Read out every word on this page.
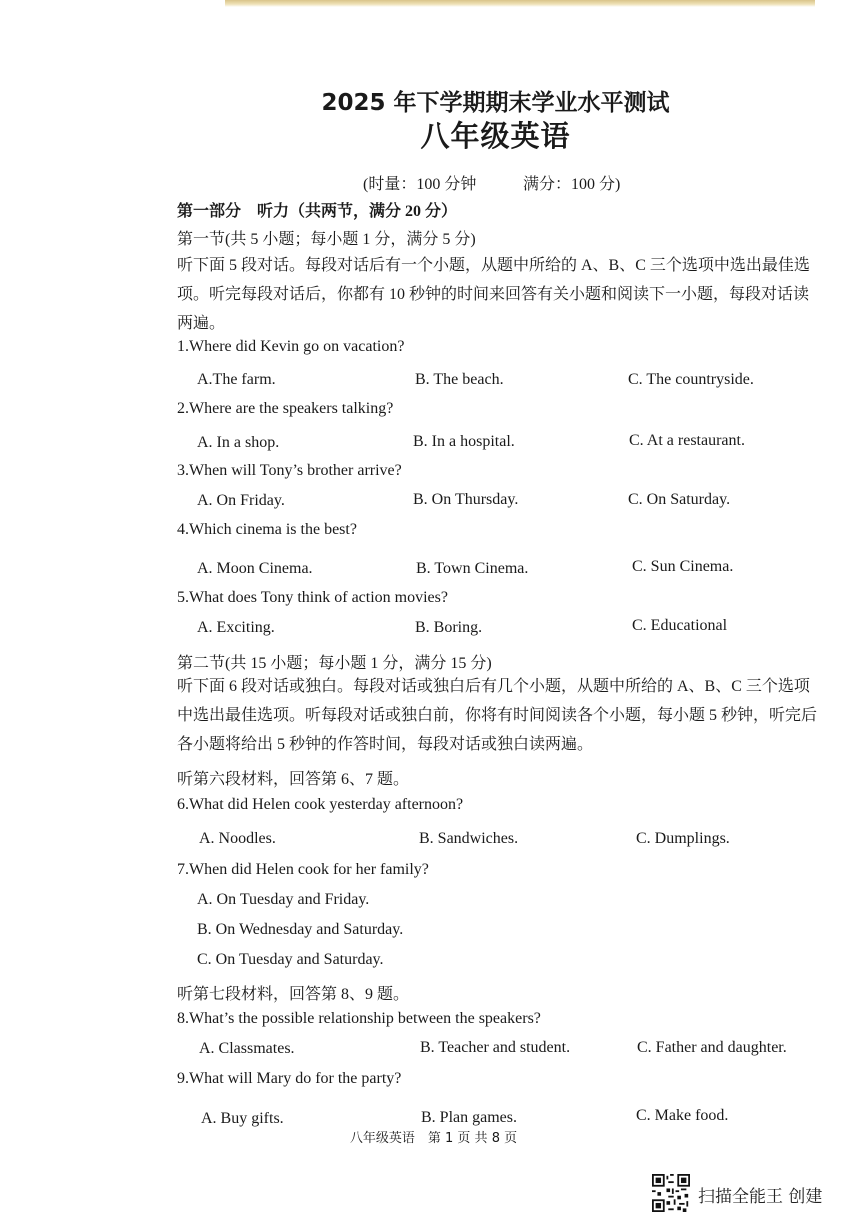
2025 年下学期期末学业水平测试
八年级英语
(时量：100 分钟	满分：100 分)
第一部分　听力（共两节，满分 20 分）
第一节(共 5 小题；每小题 1 分，满分 5 分)
听下面 5 段对话。每段对话后有一个小题，从题中所给的 A、B、C 三个选项中选出最佳选项。听完每段对话后，你都有 10 秒钟的时间来回答有关小题和阅读下一小题，每段对话读两遍。
1.Where did Kevin go on vacation?
A.The farm.	B. The beach.	C. The countryside.
2.Where are the speakers talking?
A. In a shop.	B. In a hospital.	C. At a restaurant.
3.When will Tony’s brother arrive?
A. On Friday.	B. On Thursday.	C. On Saturday.
4.Which cinema is the best?
A. Moon Cinema.	B. Town Cinema.	C. Sun Cinema.
5.What does Tony think of action movies?
A. Exciting.	B. Boring.	C. Educational
第二节(共 15 小题；每小题 1 分，满分 15 分)
听下面 6 段对话或独白。每段对话或独白后有几个小题，从题中所给的 A、B、C 三个选项中选出最佳选项。听每段对话或独白前，你将有时间阅读各个小题，每小题 5 秒钟，听完后各小题将给出 5 秒钟的作答时间，每段对话或独白读两遍。
听第六段材料，回答第 6、7 题。
6.What did Helen cook yesterday afternoon?
A. Noodles.	B. Sandwiches.	C. Dumplings.
7.When did Helen cook for her family?
A. On Tuesday and Friday.
B. On Wednesday and Saturday.
C. On Tuesday and Saturday.
听第七段材料，回答第 8、9 题。
8.What’s the possible relationship between the speakers?
A. Classmates.	B. Teacher and student.	C. Father and daughter.
9.What will Mary do for the party?
A. Buy gifts.	B. Plan games.	C. Make food.
八年级英语　第 1 页 共 8 页
扫描全能王 创建
